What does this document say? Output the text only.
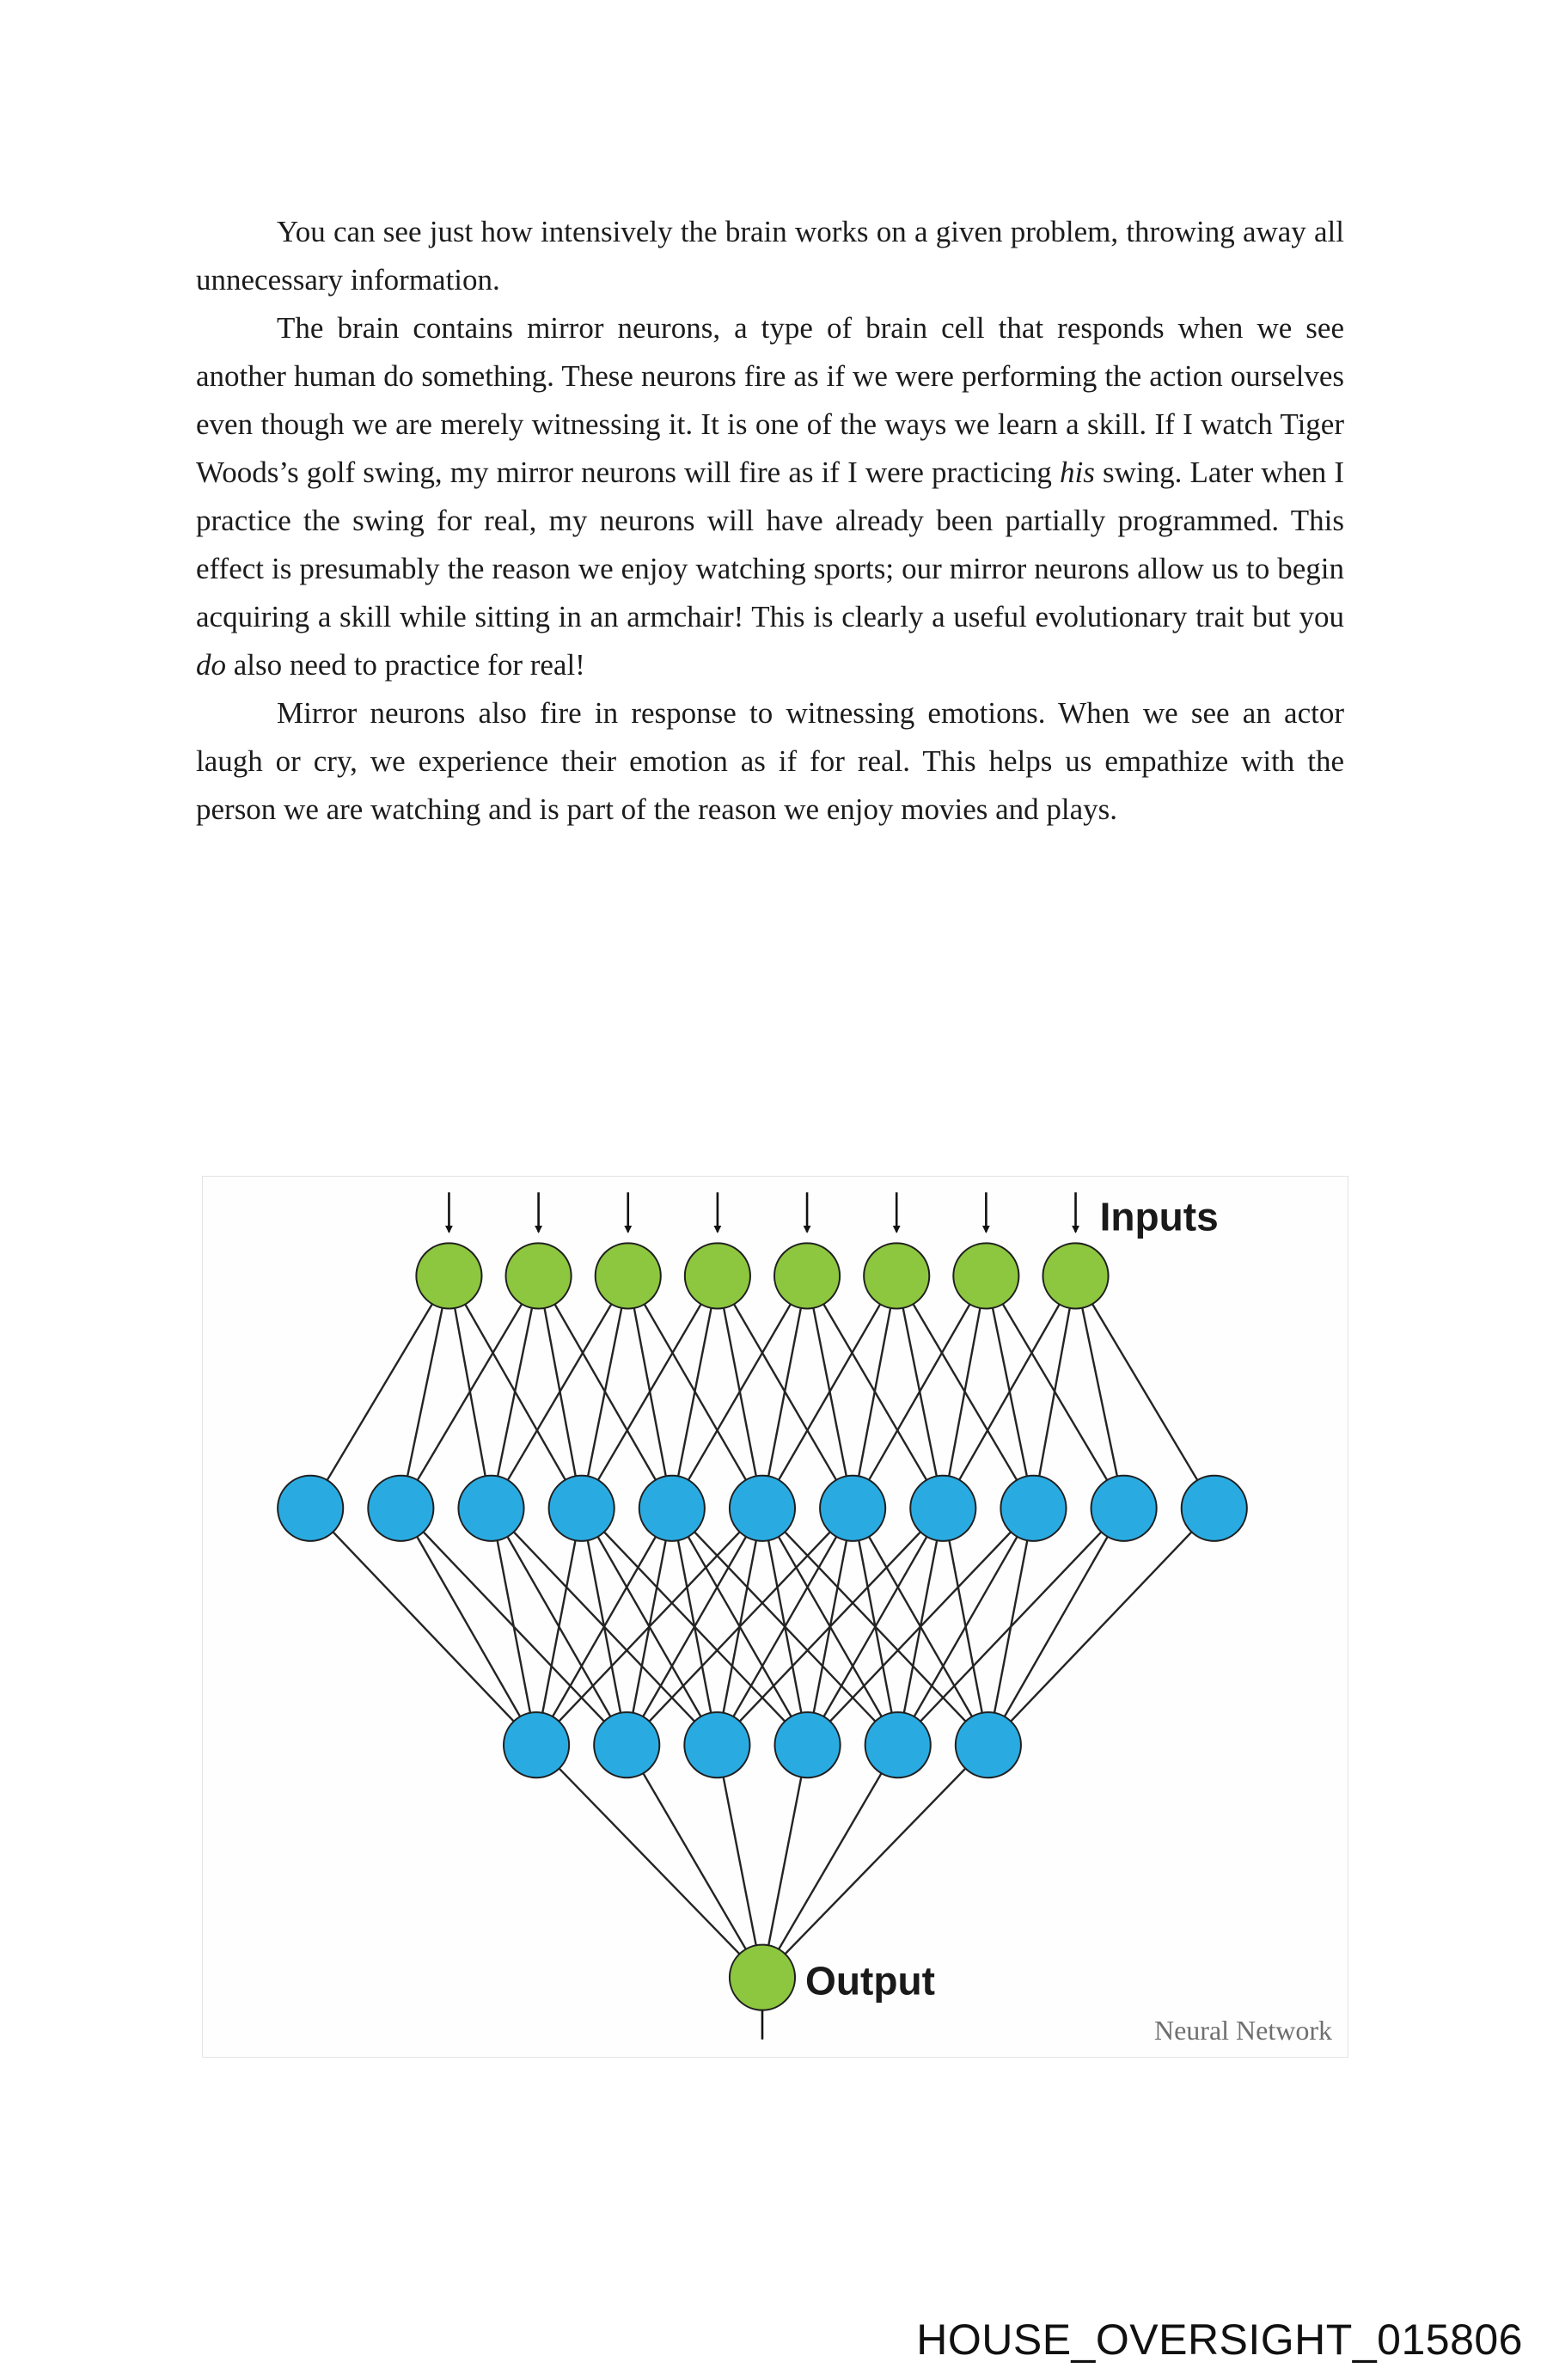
You can see just how intensively the brain works on a given problem, throwing away all unnecessary information.

The brain contains mirror neurons, a type of brain cell that responds when we see another human do something. These neurons fire as if we were performing the action ourselves even though we are merely witnessing it. It is one of the ways we learn a skill. If I watch Tiger Woods’s golf swing, my mirror neurons will fire as if I were practicing his swing. Later when I practice the swing for real, my neurons will have already been partially programmed. This effect is presumably the reason we enjoy watching sports; our mirror neurons allow us to begin acquiring a skill while sitting in an armchair! This is clearly a useful evolutionary trait but you do also need to practice for real!

Mirror neurons also fire in response to witnessing emotions. When we see an actor laugh or cry, we experience their emotion as if for real. This helps us empathize with the person we are watching and is part of the reason we enjoy movies and plays.

Inputs
Output
Neural Network
HOUSE_OVERSIGHT_015806
